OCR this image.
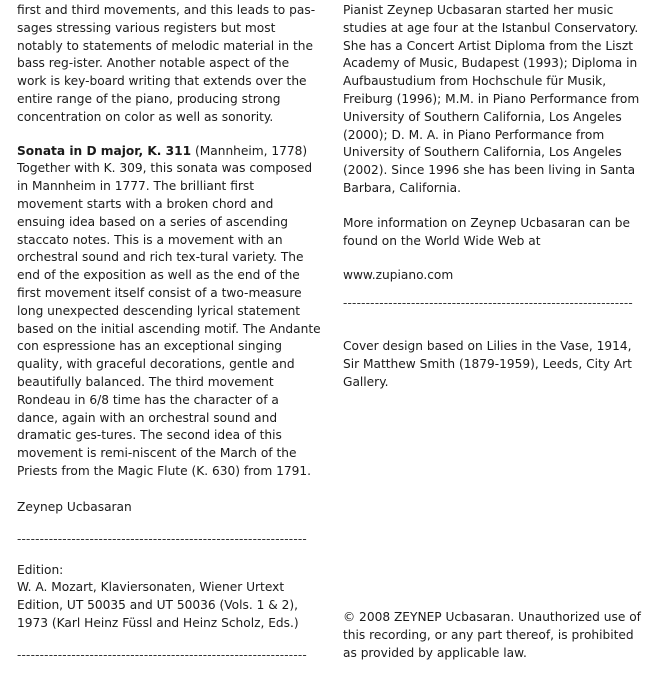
first and third movements, and this leads to pas-sages stressing various registers but most notably to statements of melodic material in the bass reg-ister. Another notable aspect of the work is key-board writing that extends over the entire range of the piano, producing strong concentration on color as well as sonority.

Sonata in D major, K. 311 (Mannheim, 1778)
Together with K. 309, this sonata was composed in Mannheim in 1777. The brilliant first movement starts with a broken chord and ensuing idea based on a series of ascending staccato notes. This is a movement with an orchestral sound and rich tex-tural variety. The end of the exposition as well as the end of the first movement itself consist of a two-measure long unexpected descending lyrical statement based on the initial ascending motif. The Andante con espressione has an exceptional singing quality, with graceful decorations, gentle and beautifully balanced. The third movement Rondeau in 6/8 time has the character of a dance, again with an orchestral sound and dramatic ges-tures. The second idea of this movement is remi-niscent of the March of the Priests from the Magic Flute (K. 630) from 1791.

Zeynep Ucbasaran

----------------------------------------------------------------

Edition:

W. A. Mozart, Klaviersonaten, Wiener Urtext Edition, UT 50035 and UT 50036 (Vols. 1 & 2), 1973 (Karl Heinz Füssl and Heinz Scholz, Eds.)

----------------------------------------------------------------

Pianist Zeynep Ucbasaran started her music studies at age four at the Istanbul Conservatory. She has a Concert Artist Diploma from the Liszt Academy of Music, Budapest (1993); Diploma in Aufbaustudium from Hochschule für Musik, Freiburg (1996); M.M. in Piano Performance from University of Southern California, Los Angeles (2000); D. M. A. in Piano Performance from University of Southern California, Los Angeles (2002). Since 1996 she has been living in Santa Barbara, California.

More information on Zeynep Ucbasaran can be found on the World Wide Web at

www.zupiano.com

----------------------------------------------------------------

Cover design based on Lilies in the Vase, 1914, Sir Matthew Smith (1879-1959), Leeds, City Art Gallery.

© 2008 ZEYNEP Ucbasaran. Unauthorized use of this recording, or any part thereof, is prohibited as provided by applicable law.
